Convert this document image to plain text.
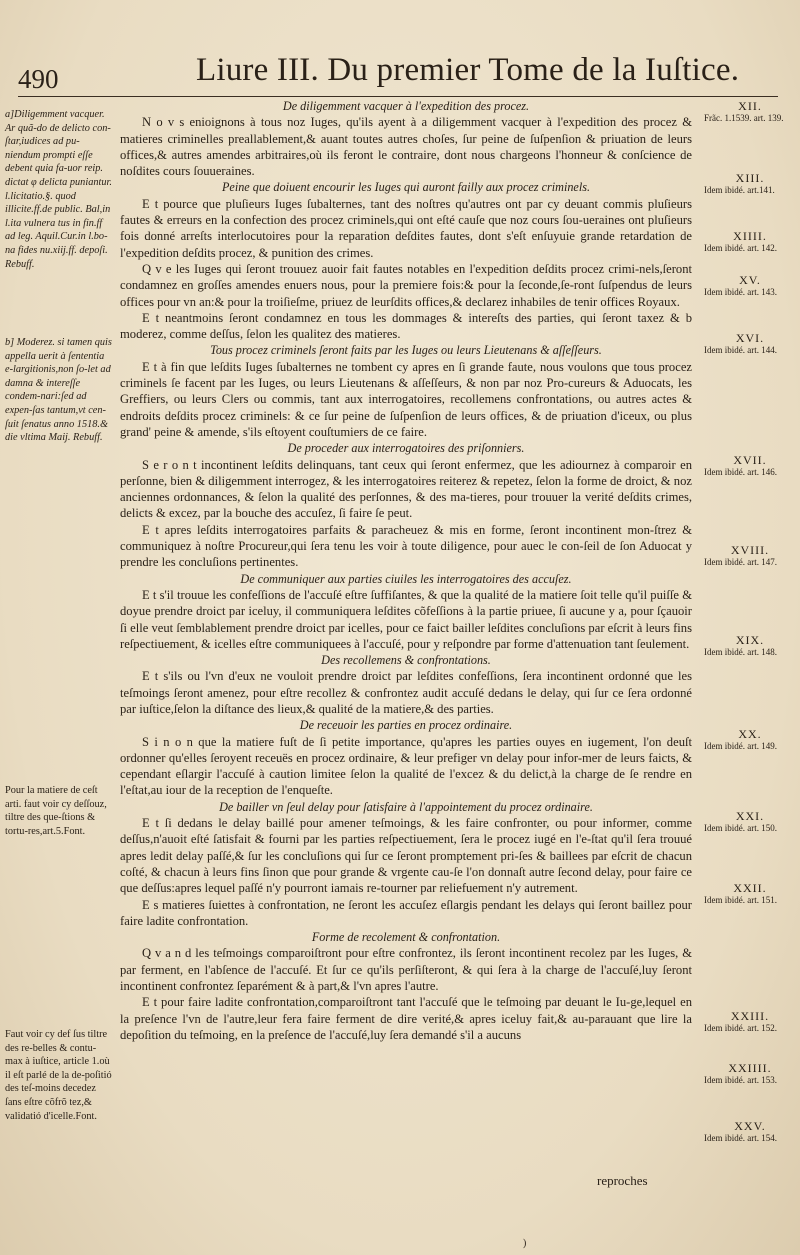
490	Liure III. Du premier Tome de la Iuſtice.
a]Diligemment vacquer. Ar quã-do de delicto con-ſtar,iudices ad pu-niendum prompti eſſe debent quia fa-uor reip. dictat φ delicta puniantur. l.licitatio.§. quod illicite.ff.de public. Bal,in l.ita vulnera tus in fin.ff ad leg. Aquil.Cur.in l.bo-na fides nu.xiij.ff. depoſi. Rebuff.
b] Moderez. si tamen quis appella uerit à ſententia e-largitionis,non ſo-let ad damna & intereſſe condem-nari:ſed ad expen-ſas tantum,vt cen-ſuit ſenatus anno 1518.& die vltima Maij. Rebuff.
Pour la matiere de ceſt arti. faut voir cy deſſouz, tiltre des que-ſtions & tortu-res,art.5.Font.
Faut voir cy def ſus tiltre des re-belles & contu-max à iuſtice, article 1.où il eſt parlé de la de-poſitió des teſ-moins decedez ſans eſtre cõfrõ tez,& validatió d'icelle.Font.
De diligemment vacquer à l'expedition des procez.

N o v s enioignons à tous noz Iuges, qu'ils ayent à a diligemment vacquer à l'expedition des procez & matieres criminelles preallablement,& auant toutes autres choſes, ſur peine de ſuſpenſion & priuation de leurs offices,& autres amendes arbitraires,où ils feront le contraire, dont nous chargeons l'honneur & conſcience de noſdites cours ſouueraines.

Peine que doiuent encourir les Iuges qui auront failly aux procez criminels.

E t pource que pluſieurs Iuges ſubalternes, tant des noſtres qu'autres ont par cy deuant commis pluſieurs fautes & erreurs en la confection des procez criminels,qui ont eſté cauſe que noz cours ſou-ueraines ont pluſieurs fois donné arreſts interlocutoires pour la reparation deſdites fautes, dont s'eſt enſuyuie grande retardation de l'expedition deſdits procez, & punition des crimes.

Q v e les Iuges qui ſeront trouuez auoir fait fautes notables en l'expedition deſdits procez crimi-nels,ſeront condamnez en groſſes amendes enuers nous, pour la premiere fois:& pour la ſeconde,ſe-ront ſuſpendus de leurs offices pour vn an:& pour la troiſieſme, priuez de leurſdits offices,& declarez inhabiles de tenir offices Royaux.

E t neantmoins ſeront condamnez en tous les dommages & intereſts des parties, qui ſeront taxez & b moderez, comme deſſus, ſelon les qualitez des matieres.

Tous procez criminels ſeront faits par les Iuges ou leurs Lieutenans & aſſeſſeurs.

E t à fin que leſdits Iuges ſubalternes ne tombent cy apres en ſi grande faute, nous voulons que tous procez criminels ſe facent par les Iuges, ou leurs Lieutenans & aſſeſſeurs, & non par noz Pro-cureurs & Aduocats, les Greffiers, ou leurs Clers ou commis, tant aux interrogatoires, recollemens confrontations, ou autres actes & endroits deſdits procez criminels: & ce ſur peine de ſuſpenſion de leurs offices, & de priuation d'iceux, ou plus grand' peine & amende, s'ils eſtoyent couſtumiers de ce faire.

De proceder aux interrogatoires des priſonniers.

S e r o n t incontinent leſdits delinquans, tant ceux qui ſeront enfermez, que les adiournez à comparoir en perſonne, bien & diligemment interrogez, & les interrogatoires reiterez & repetez, ſelon la forme de droict, & noz anciennes ordonnances, & ſelon la qualité des perſonnes, & des ma-tieres, pour trouuer la verité deſdits crimes, delicts & excez, par la bouche des accuſez, ſi faire ſe peut.

E t apres leſdits interrogatoires parfaits & paracheuez & mis en forme, ſeront incontinent mon-ſtrez & communiquez à noſtre Procureur,qui ſera tenu les voir à toute diligence, pour auec le con-ſeil de ſon Aduocat y prendre les concluſions pertinentes.

De communiquer aux parties ciuiles les interrogatoires des accuſez.

E t s'il trouue les confeſſions de l'accuſé eſtre ſuffiſantes, & que la qualité de la matiere ſoit telle qu'il puiſſe & doyue prendre droict par iceluy, il communiquera leſdites cõfeſſions à la partie priuee, ſi aucune y a, pour ſçauoir ſi elle veut ſemblablement prendre droict par icelles, pour ce faict bailler leſdites concluſions par eſcrit à leurs fins reſpectiuement, & icelles eſtre communiquees à l'accuſé, pour y reſpondre par forme d'attenuation tant ſeulement.

Des recollemens & confrontations.

E t s'ils ou l'vn d'eux ne vouloit prendre droict par leſdites confeſſions, ſera incontinent ordonné que les teſmoings ſeront amenez, pour eſtre recollez & confrontez audit accuſé dedans le delay, qui ſur ce ſera ordonné par iuſtice,ſelon la diſtance des lieux,& qualité de la matiere,& des parties.

De receuoir les parties en procez ordinaire.

S i n o n que la matiere fuſt de ſi petite importance, qu'apres les parties ouyes en iugement, l'on deuſt ordonner qu'elles ſeroyent receuës en procez ordinaire, & leur prefiger vn delay pour infor-mer de leurs faicts, & cependant eſlargir l'accuſé à caution limitee ſelon la qualité de l'excez & du delict,à la charge de ſe rendre en l'eſtat,au iour de la reception de l'enqueſte.

De bailler vn ſeul delay pour ſatisfaire à l'appointement du procez ordinaire.

E t ſi dedans le delay baillé pour amener teſmoings, & les faire confronter, ou pour informer, comme deſſus,n'auoit eſté ſatisfait & fourni par les parties reſpectiuement, ſera le procez iugé en l'e-ſtat qu'il ſera trouué apres ledit delay paſſé,& ſur les concluſions qui ſur ce ſeront promptement pri-ſes & baillees par eſcrit de chacun coſté, & chacun à leurs fins ſinon que pour grande & vrgente cau-ſe l'on donnaſt autre ſecond delay, pour faire ce que deſſus:apres lequel paſſé n'y pourront iamais re-tourner par reliefuement n'y autrement.

E s matieres ſuiettes à confrontation, ne ſeront les accuſez eſlargis pendant les delays qui ſeront baillez pour faire ladite confrontation.

Forme de recolement & confrontation.

Q v a n d les teſmoings comparoiſtront pour eſtre confrontez, ils ſeront incontinent recolez par les Iuges, & par ferment, en l'abſence de l'accuſé. Et ſur ce qu'ils perſiſteront, & qui ſera à la charge de l'accuſé,luy ſeront incontinent confrontez ſeparément & à part,& l'vn apres l'autre.

E t pour faire ladite confrontation,comparoiſtront tant l'accuſé que le teſmoing par deuant le Iu-ge,lequel en la preſence l'vn de l'autre,leur fera faire ferment de dire verité,& apres iceluy fait,& au-parauant que lire la depoſition du teſmoing, en la preſence de l'accuſé,luy ſera demandé s'il a aucuns

XII.
Frãc. 1.1539. art. 139.
XIII.
Idem ibidé. art.141.
XIIII.
Idem ibidé. art. 142.
XV.
Idem ibidé. art. 143.
XVI.
Idem ibidé. art. 144.
XVII.
Idem ibidé. art. 146.
XVIII.
Idem ibidé. art. 147.
XIX.
Idem ibidé. art. 148.
XX.
Idem ibidé. art. 149.
XXI.
Idem ibidé. art. 150.
XXII.
Idem ibidé. art. 151.
XXIII.
Idem ibidé. art. 152.
XXIIII.
Idem ibidé. art. 153.
XXV.
Idem ibidé. art. 154.
reproches
)
